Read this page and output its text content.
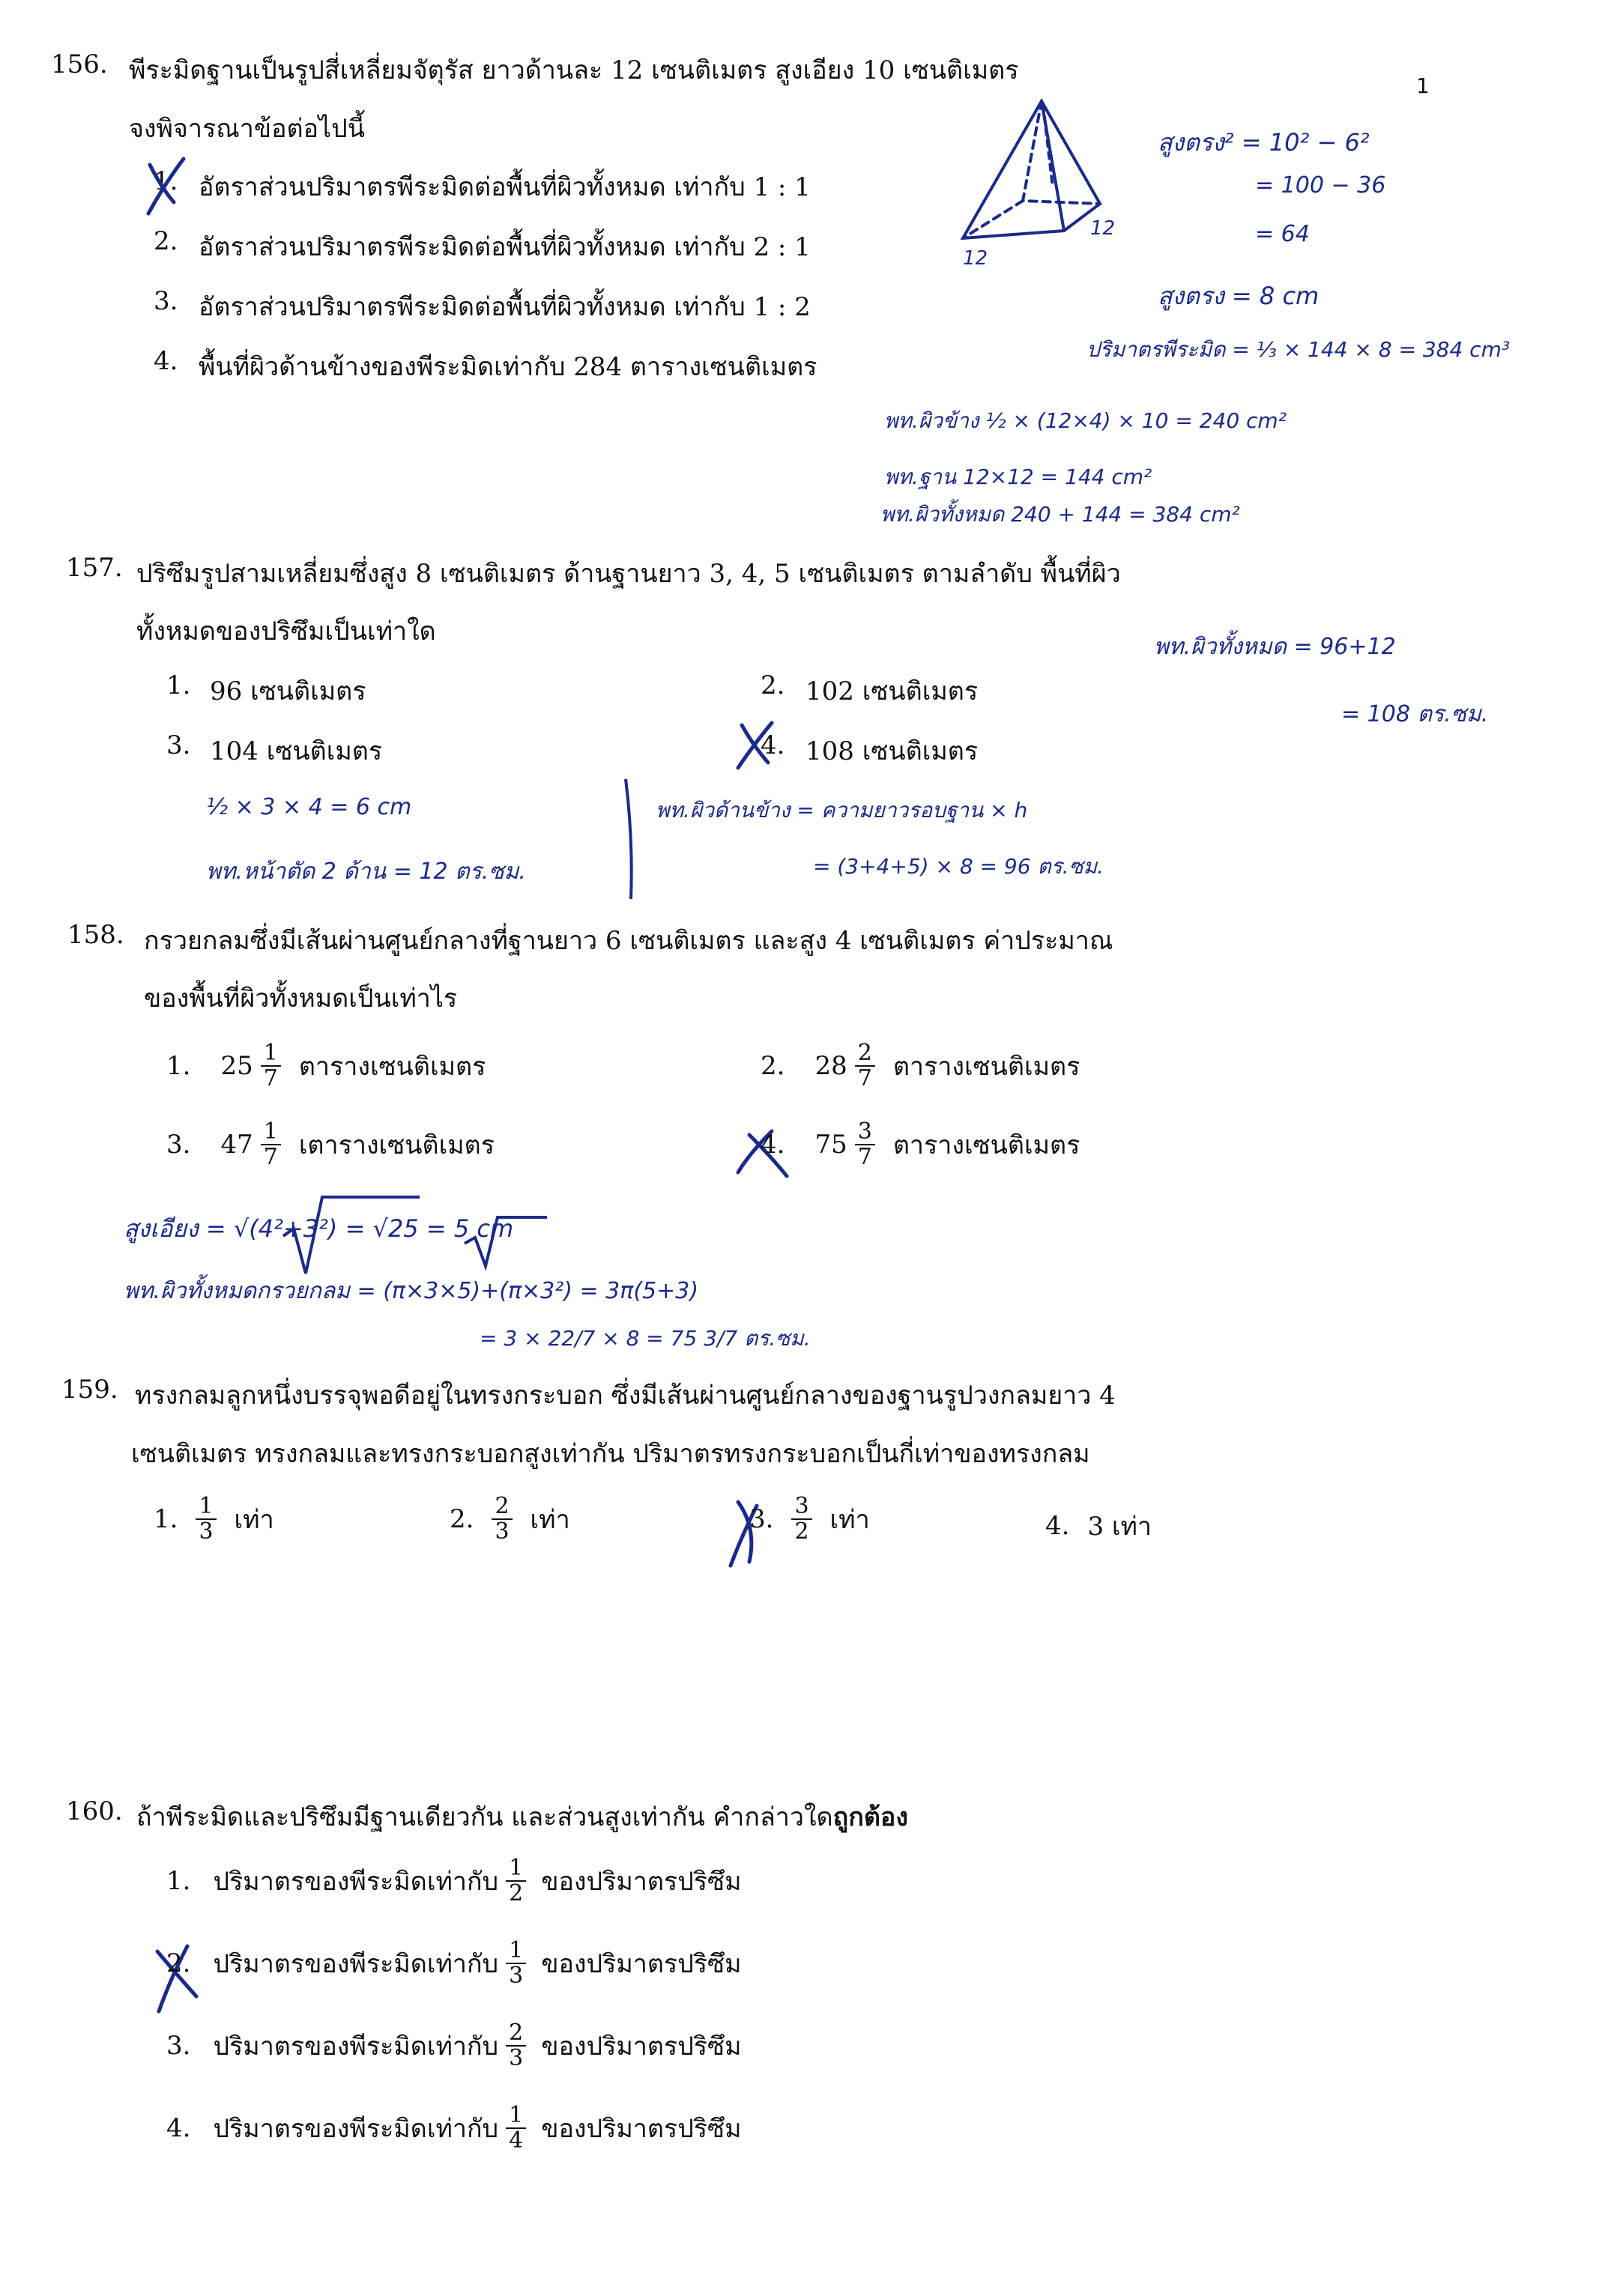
1
156. พีระมิดฐานเป็นรูปสี่เหลี่ยมจัตุรัส ยาวด้านละ 12 เซนติเมตร สูงเอียง 10 เซนติเมตร
จงพิจารณาข้อต่อไปนี้
1. อัตราส่วนปริมาตรพีระมิดต่อพื้นที่ผิวทั้งหมด เท่ากับ 1 : 1
2. อัตราส่วนปริมาตรพีระมิดต่อพื้นที่ผิวทั้งหมด เท่ากับ 2 : 1
3. อัตราส่วนปริมาตรพีระมิดต่อพื้นที่ผิวทั้งหมด เท่ากับ 1 : 2
4. พื้นที่ผิวด้านข้างของพีระมิดเท่ากับ 284 ตารางเซนติเมตร
12
12
สูงตรง² = 10² − 6²
= 100 − 36
= 64
สูงตรง = 8 cm
ปริมาตรพีระมิด = ⅓ × 144 × 8 = 384 cm³
พท.ผิวข้าง ½ × (12×4) × 10 = 240 cm²
พท.ฐาน 12×12 = 144 cm²
พท.ผิวทั้งหมด 240 + 144 = 384 cm²
157. ปริซึมรูปสามเหลี่ยมซึ่งสูง 8 เซนติเมตร ด้านฐานยาว 3, 4, 5 เซนติเมตร ตามลำดับ พื้นที่ผิว
ทั้งหมดของปริซึมเป็นเท่าใด
1. 96 เซนติเมตร	2. 102 เซนติเมตร
3. 104 เซนติเมตร	4. 108 เซนติเมตร
พท.ผิวทั้งหมด = 96+12
= 108 ตร.ซม.
½ × 3 × 4 = 6 cm
พท.หน้าตัด 2 ด้าน = 12 ตร.ซม.
พท.ผิวด้านข้าง = ความยาวรอบฐาน × h
= (3+4+5) × 8 = 96 ตร.ซม.
158. กรวยกลมซึ่งมีเส้นผ่านศูนย์กลางที่ฐานยาว 6 เซนติเมตร และสูง 4 เซนติเมตร ค่าประมาณ
ของพื้นที่ผิวทั้งหมดเป็นเท่าไร
1. $25 \frac{1}{7}$ ตารางเซนติเมตร	2. $28 \frac{2}{7}$ ตารางเซนติเมตร
3. $47 \frac{1}{7}$ เตารางเซนติเมตร	4. $75 \frac{3}{7}$ ตารางเซนติเมตร
สูงเอียง = √(4²+3²) = √25 = 5 cm
พท.ผิวทั้งหมดกรวยกลม = (π×3×5)+(π×3²) = 3π(5+3)
= 3 × 22/7 × 8 = 75 3/7 ตร.ซม.
159. ทรงกลมลูกหนึ่งบรรจุพอดีอยู่ในทรงกระบอก ซึ่งมีเส้นผ่านศูนย์กลางของฐานรูปวงกลมยาว 4
เซนติเมตร ทรงกลมและทรงกระบอกสูงเท่ากัน ปริมาตรทรงกระบอกเป็นกี่เท่าของทรงกลม
1. $\frac{1}{3}$ เท่า	2. $\frac{2}{3}$ เท่า	3. $\frac{3}{2}$ เท่า	4. 3 เท่า
160. ถ้าพีระมิดและปริซึมมีฐานเดียวกัน และส่วนสูงเท่ากัน คำกล่าวใดถูกต้อง
1. ปริมาตรของพีระมิดเท่ากับ $\frac{1}{2}$ ของปริมาตรปริซึม
2. ปริมาตรของพีระมิดเท่ากับ $\frac{1}{3}$ ของปริมาตรปริซึม
3. ปริมาตรของพีระมิดเท่ากับ $\frac{2}{3}$ ของปริมาตรปริซึม
4. ปริมาตรของพีระมิดเท่ากับ $\frac{1}{4}$ ของปริมาตรปริซึม
